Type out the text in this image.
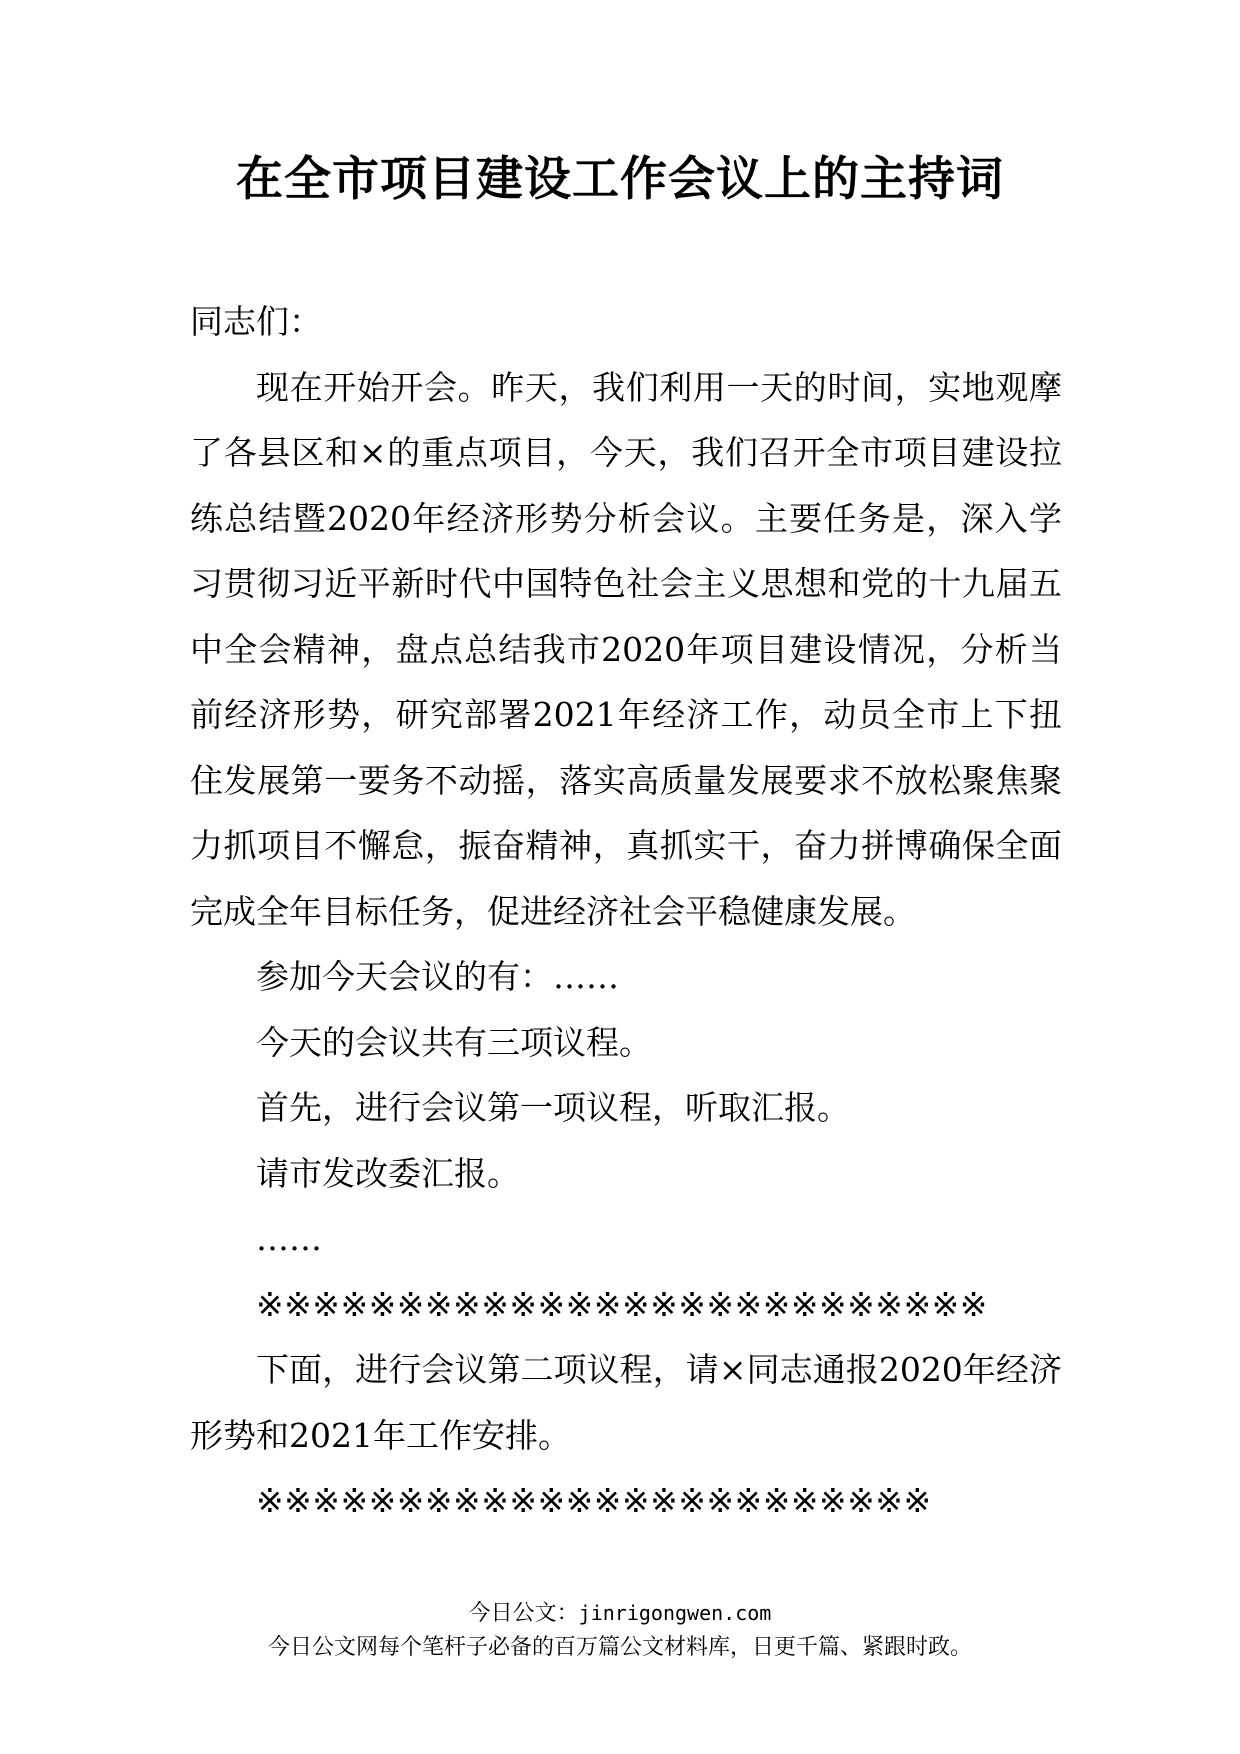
在全市项目建设工作会议上的主持词

同志们：

现在开始开会。昨天，我们利用一天的时间，实地观摩了各县区和×的重点项目，今天，我们召开全市项目建设拉练总结暨2020年经济形势分析会议。主要任务是，深入学习贯彻习近平新时代中国特色社会主义思想和党的十九届五中全会精神，盘点总结我市2020年项目建设情况，分析当前经济形势，研究部署2021年经济工作，动员全市上下扭住发展第一要务不动摇，落实高质量发展要求不放松聚焦聚力抓项目不懈怠，振奋精神，真抓实干，奋力拼博确保全面完成全年目标任务，促进经济社会平稳健康发展。

参加今天会议的有：……

今天的会议共有三项议程。

首先，进行会议第一项议程，听取汇报。

请市发改委汇报。

……

※※※※※※※※※※※※※※※※※※※※※※※※※※

下面，进行会议第二项议程，请×同志通报2020年经济形势和2021年工作安排。

※※※※※※※※※※※※※※※※※※※※※※※※

今日公文：jinrigongwen.com

今日公文网每个笔杆子必备的百万篇公文材料库，日更千篇、紧跟时政。
